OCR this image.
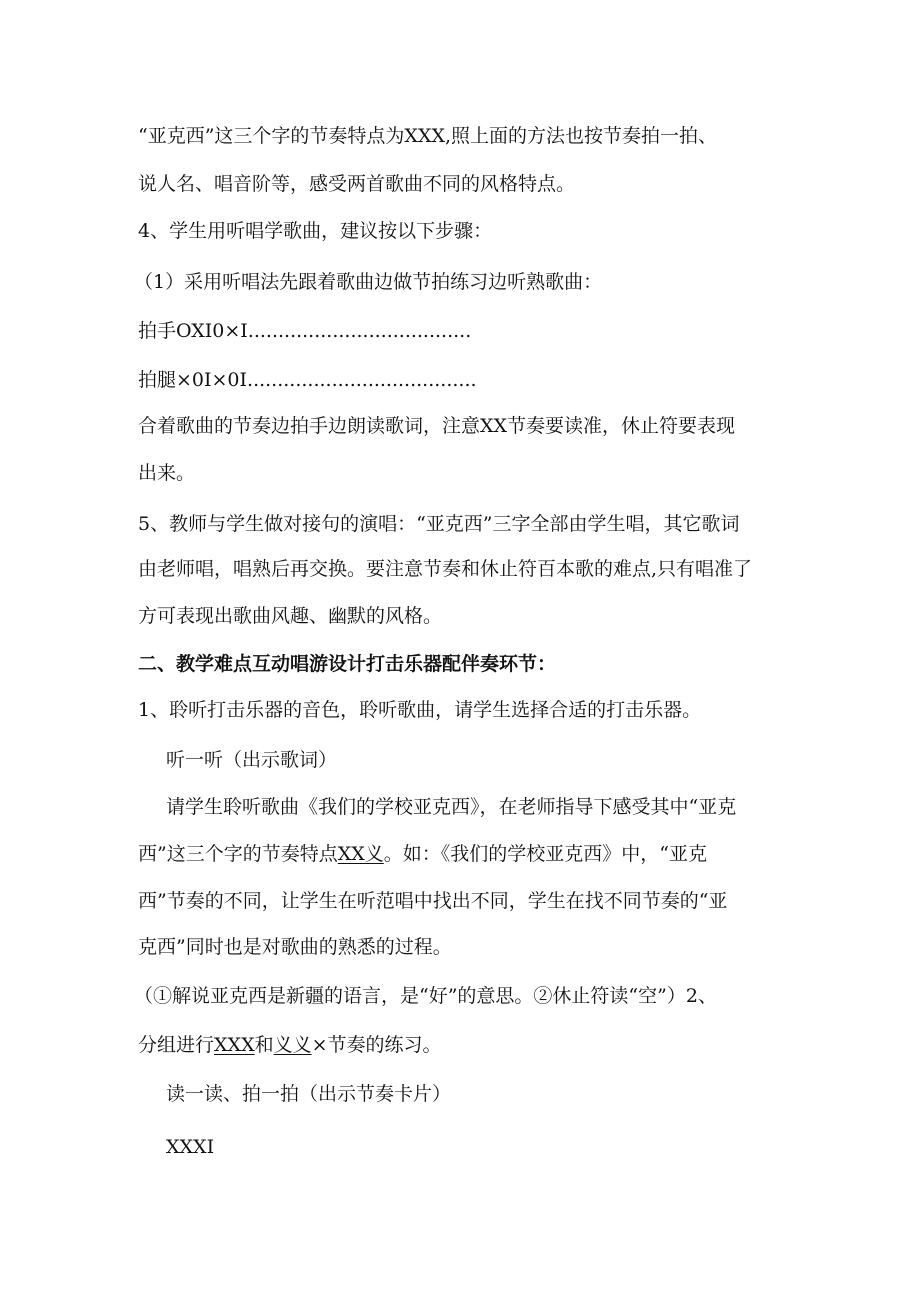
“亚克西”这三个字的节奏特点为XXX,照上面的方法也按节奏拍一拍、
说人名、唱音阶等，感受两首歌曲不同的风格特点。
4、学生用听唱学歌曲，建议按以下步骤：
（1）采用听唱法先跟着歌曲边做节拍练习边听熟歌曲：
拍手OXI0×I.....................................
拍腿×0I×0I......................................
合着歌曲的节奏边拍手边朗读歌词，注意XX节奏要读准，休止符要表现
出来。
5、教师与学生做对接句的演唱：“亚克西”三字全部由学生唱，其它歌词
由老师唱，唱熟后再交换。要注意节奏和休止符百本歌的难点,只有唱准了
方可表现出歌曲风趣、幽默的风格。
二、教学难点互动唱游设计打击乐器配伴奏环节：
1、聆听打击乐器的音色，聆听歌曲，请学生选择合适的打击乐器。
听一听（出示歌词）
请学生聆听歌曲《我们的学校亚克西》，在老师指导下感受其中“亚克
西”这三个字的节奏特点XX义。如：《我们的学校亚克西》中，“亚克
西”节奏的不同，让学生在听范唱中找出不同，学生在找不同节奏的“亚
克西”同时也是对歌曲的熟悉的过程。
（①解说亚克西是新疆的语言，是“好”的意思。②休止符读“空”）2、
分组进行XXX和义义×节奏的练习。
读一读、拍一拍（出示节奏卡片）
XXXI
